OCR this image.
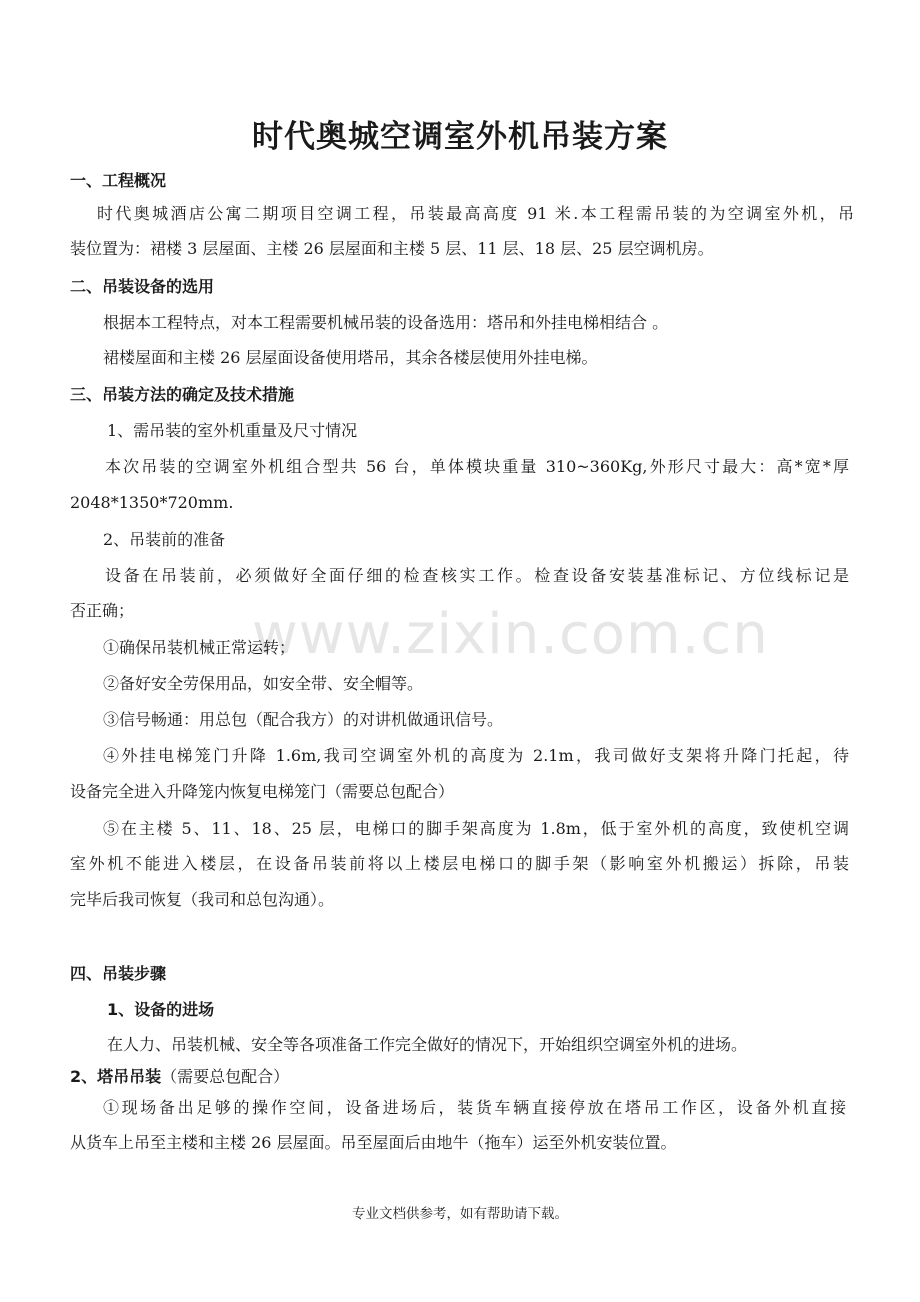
www.zixin.com.cn
时代奥城空调室外机吊装方案
一、工程概况
时代奥城酒店公寓二期项目空调工程，吊装最高高度 91 米.本工程需吊装的为空调室外机，吊
装位置为：裙楼 3 层屋面、主楼 26 层屋面和主楼 5 层、11 层、18 层、25 层空调机房。
二、吊装设备的选用
根据本工程特点，对本工程需要机械吊装的设备选用：塔吊和外挂电梯相结合 。
裙楼屋面和主楼 26 层屋面设备使用塔吊，其余各楼层使用外挂电梯。
三、吊装方法的确定及技术措施
1、需吊装的室外机重量及尺寸情况
本次吊装的空调室外机组合型共 56 台，单体模块重量 310~360Kg,外形尺寸最大：高*宽*厚
2048*1350*720mm.
2、吊装前的准备
设备在吊装前，必须做好全面仔细的检查核实工作。检查设备安装基准标记、方位线标记是
否正确；
①确保吊装机械正常运转；
②备好安全劳保用品，如安全带、安全帽等。
③信号畅通：用总包（配合我方）的对讲机做通讯信号。
④外挂电梯笼门升降 1.6m,我司空调室外机的高度为 2.1m，我司做好支架将升降门托起，待
设备完全进入升降笼内恢复电梯笼门（需要总包配合）
⑤在主楼 5、11、18、25 层，电梯口的脚手架高度为 1.8m，低于室外机的高度，致使机空调
室外机不能进入楼层，在设备吊装前将以上楼层电梯口的脚手架（影响室外机搬运）拆除，吊装
完毕后我司恢复（我司和总包沟通）。
四、吊装步骤
1、设备的进场
在人力、吊装机械、安全等各项准备工作完全做好的情况下，开始组织空调室外机的进场。
2、塔吊吊装（需要总包配合）
①现场备出足够的操作空间，设备进场后，装货车辆直接停放在塔吊工作区，设备外机直接
从货车上吊至主楼和主楼 26 层屋面。吊至屋面后由地牛（拖车）运至外机安装位置。
专业文档供参考，如有帮助请下载。
